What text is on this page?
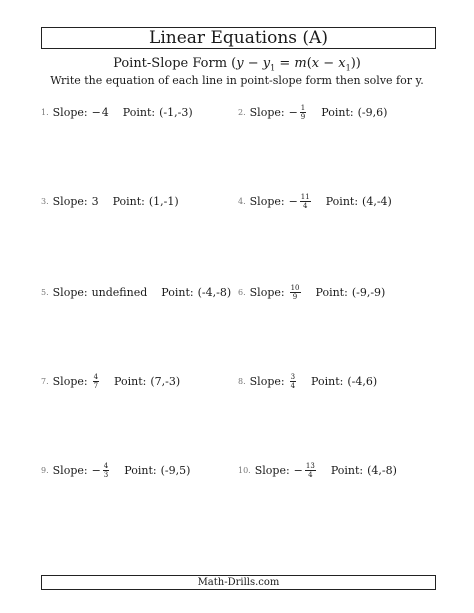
Linear Equations (A)
Point-Slope Form $(y - y_1 = m(x - x_1))$
Write the equation of each line in point-slope form then solve for y.
1. Slope: − 4 Point: (-1,-3)	2. Slope: − $\frac{1}{9}$ Point: (-9,6)
3. Slope: 3 Point: (1,-1)	4. Slope: − $\frac{11}{4}$ Point: (4,-4)
5. Slope: undefined Point: (-4,-8) 6. Slope: $\frac{10}{9}$ Point: (-9,-9)
7. Slope: $\frac{4}{7}$ Point: (7,-3)	8. Slope: $\frac{3}{4}$ Point: (-4,6)
9. Slope: − $\frac{4}{3}$ Point: (-9,5)	10. Slope: − $\frac{13}{4}$ Point: (4,-8)
Math-Drills.com
